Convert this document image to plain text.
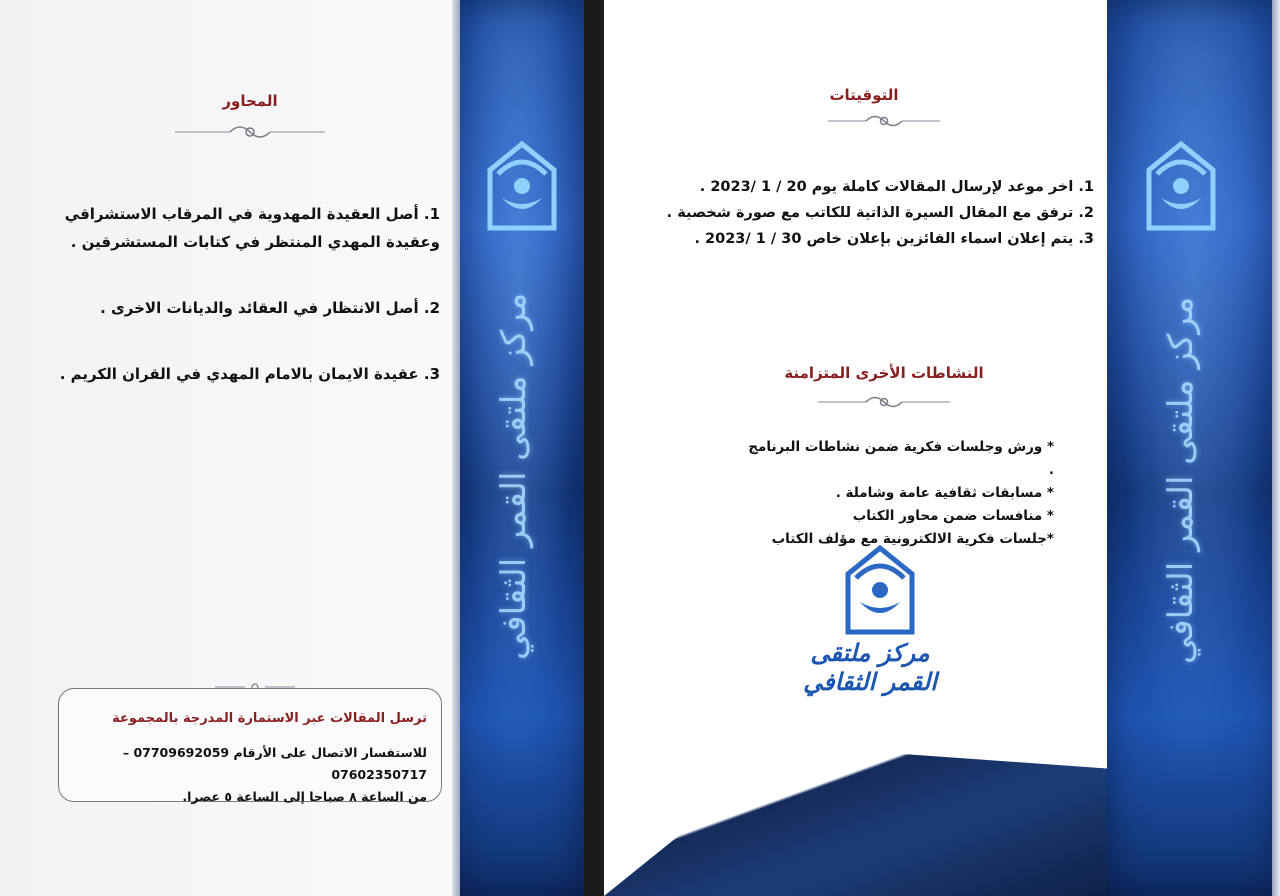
المحاور

1. أصل العقيدة المهدوية في المرقاب الاستشراقي

وعقيدة المهدي المنتظر في كتابات المستشرقين .

2. أصل الانتظار في العقائد والديانات الاخرى .

3. عقيدة الايمان بالامام المهدي في القران الكريم .

ترسل المقالات عبر الاستمارة المدرجة بالمجموعة
للاستفسار الاتصال على الأرقام 07709692059 – 07602350717
من الساعة ٨ صباحا إلى الساعة ٥ عصرا.
مركز ملتقى القمر الثقافي
التوقيتات

1. اخر موعد لإرسال المقالات كاملة يوم 20 / 1 /2023 .

2. ترفق مع المقال السيرة الذاتية للكاتب مع صورة شخصية .

3. يتم إعلان اسماء الفائزين بإعلان خاص 30 / 1 /2023 .

النشاطات الأخرى المتزامنة

* ورش وجلسات فكرية ضمن نشاطات البرنامج .

* مسابقات ثقافية عامة وشاملة .

* منافسات ضمن محاور الكتاب

*جلسات فكرية الالكترونية مع مؤلف الكتاب

مركز ملتقى القمر الثقافي
مركز ملتقى القمر الثقافي
